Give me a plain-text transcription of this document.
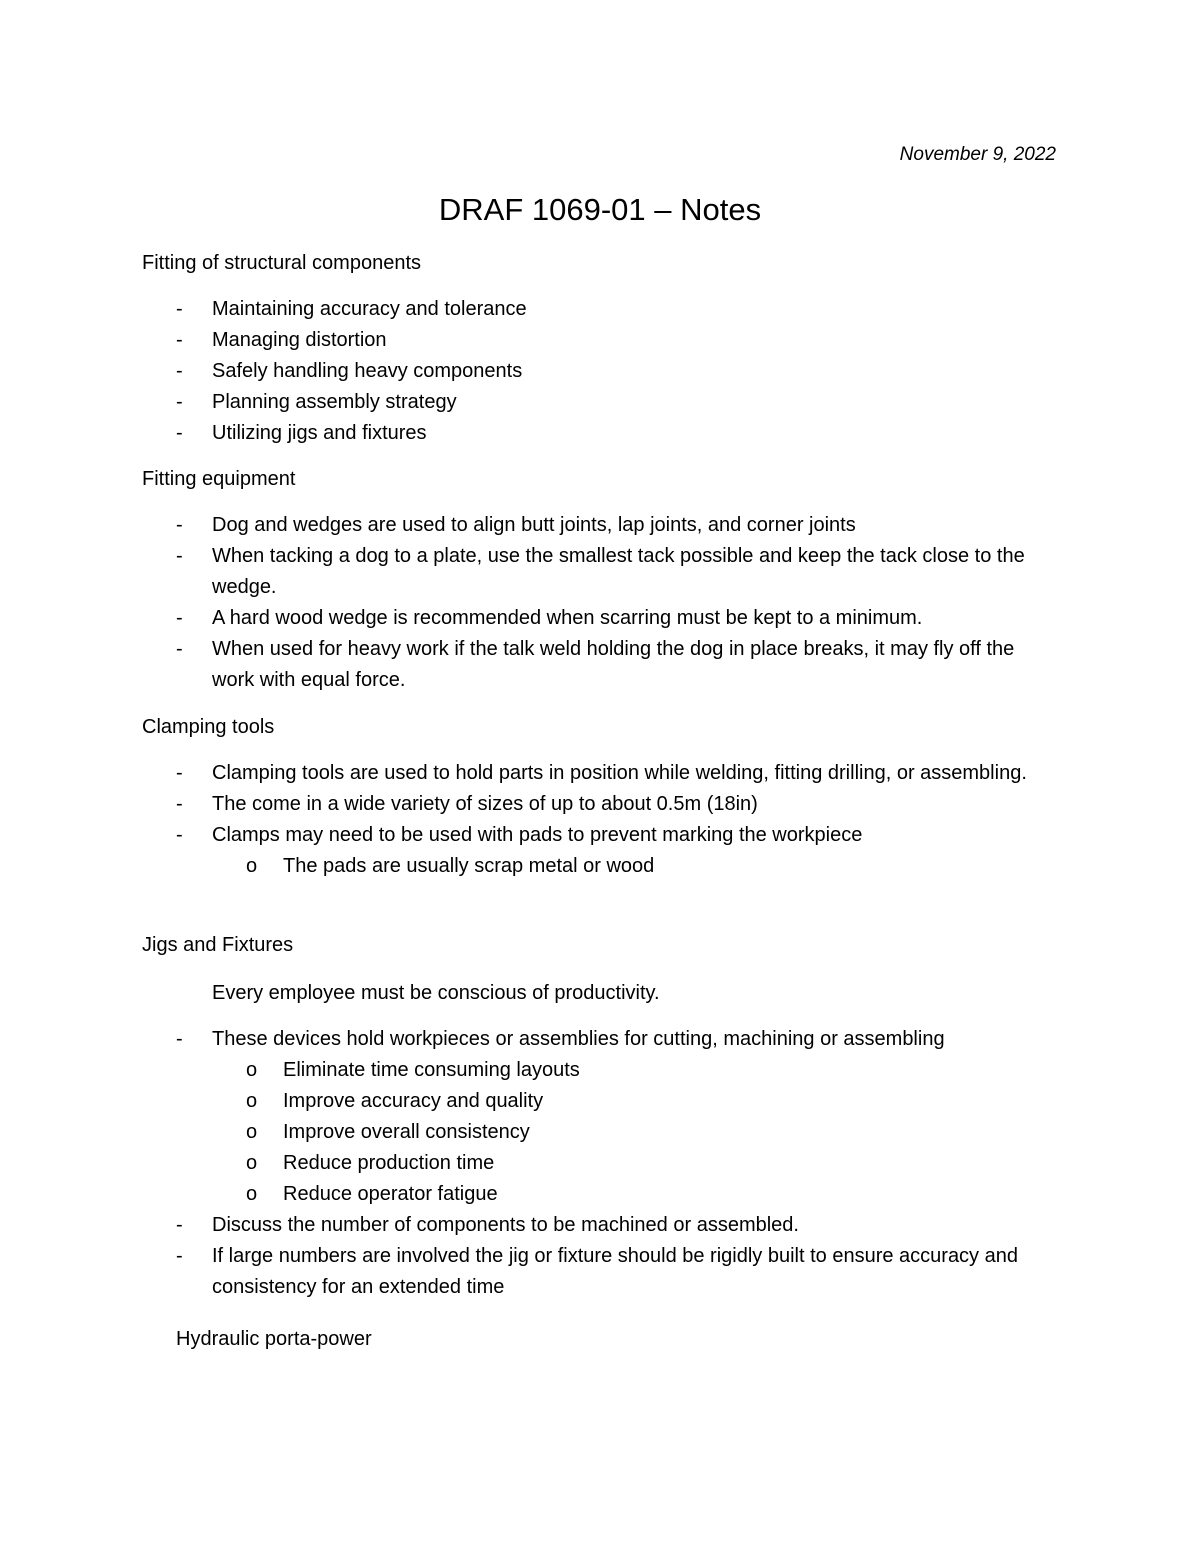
November 9, 2022
DRAF 1069-01 – Notes
Fitting of structural components
- Maintaining accuracy and tolerance
- Managing distortion
- Safely handling heavy components
- Planning assembly strategy
- Utilizing jigs and fixtures
Fitting equipment
- Dog and wedges are used to align butt joints, lap joints, and corner joints
- When tacking a dog to a plate, use the smallest tack possible and keep the tack close to the wedge.
- A hard wood wedge is recommended when scarring must be kept to a minimum.
- When used for heavy work if the talk weld holding the dog in place breaks, it may fly off the work with equal force.
Clamping tools
- Clamping tools are used to hold parts in position while welding, fitting drilling, or assembling.
- The come in a wide variety of sizes of up to about 0.5m (18in)
- Clamps may need to be used with pads to prevent marking the workpiece
o The pads are usually scrap metal or wood
Jigs and Fixtures
Every employee must be conscious of productivity.
- These devices hold workpieces or assemblies for cutting, machining or assembling
o Eliminate time consuming layouts
o Improve accuracy and quality
o Improve overall consistency
o Reduce production time
o Reduce operator fatigue
- Discuss the number of components to be machined or assembled.
- If large numbers are involved the jig or fixture should be rigidly built to ensure accuracy and consistency for an extended time
Hydraulic porta-power
